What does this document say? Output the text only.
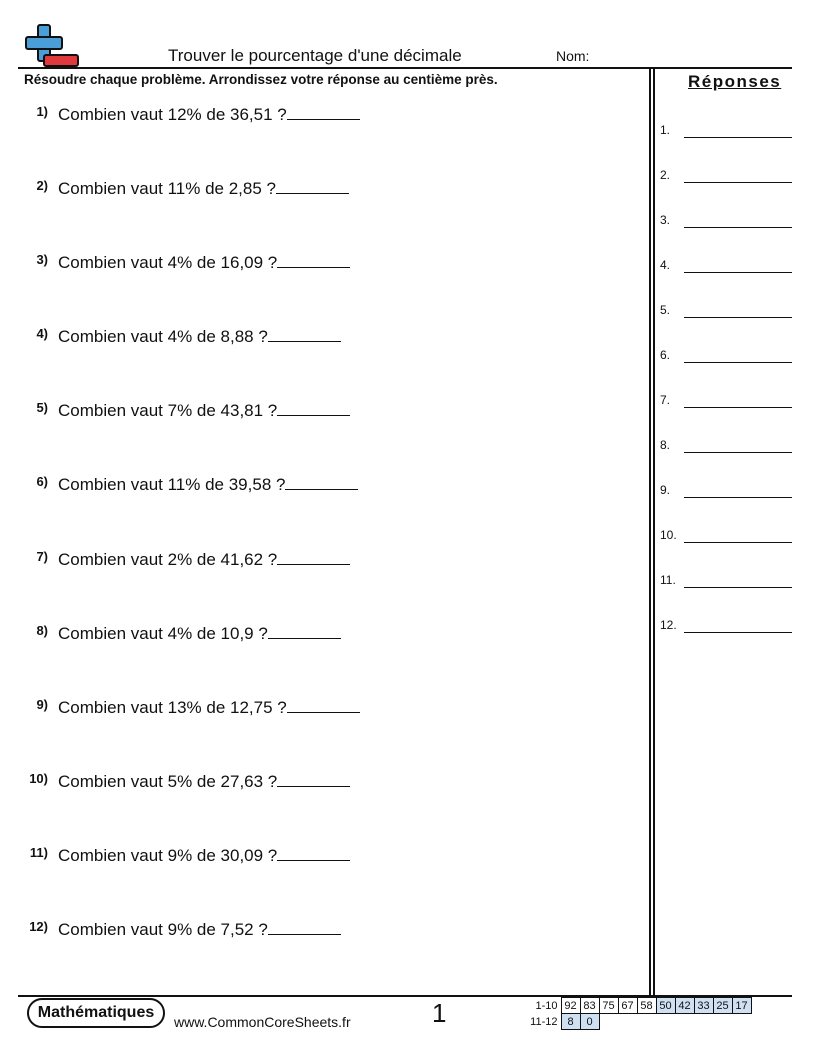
Trouver le pourcentage d'une décimale	Nom:
Résoudre chaque problème. Arrondissez votre réponse au centième près.	Réponses
1) Combien vaut 12% de 36,51 ?
2) Combien vaut 11% de 2,85 ?
3) Combien vaut 4% de 16,09 ?
4) Combien vaut 4% de 8,88 ?
5) Combien vaut 7% de 43,81 ?
6) Combien vaut 11% de 39,58 ?
7) Combien vaut 2% de 41,62 ?
8) Combien vaut 4% de 10,9 ?
9) Combien vaut 13% de 12,75 ?
10) Combien vaut 5% de 27,63 ?
11) Combien vaut 9% de 30,09 ?
12) Combien vaut 9% de 7,52 ?
1.
2.
3.
4.
5.
6.
7.
8.
9.
10.
11.
12.
Mathématiques
www.CommonCoreSheets.fr	1	1-10	92	83	75	67	58	50	42	33	25	17
11-12	8	0								
